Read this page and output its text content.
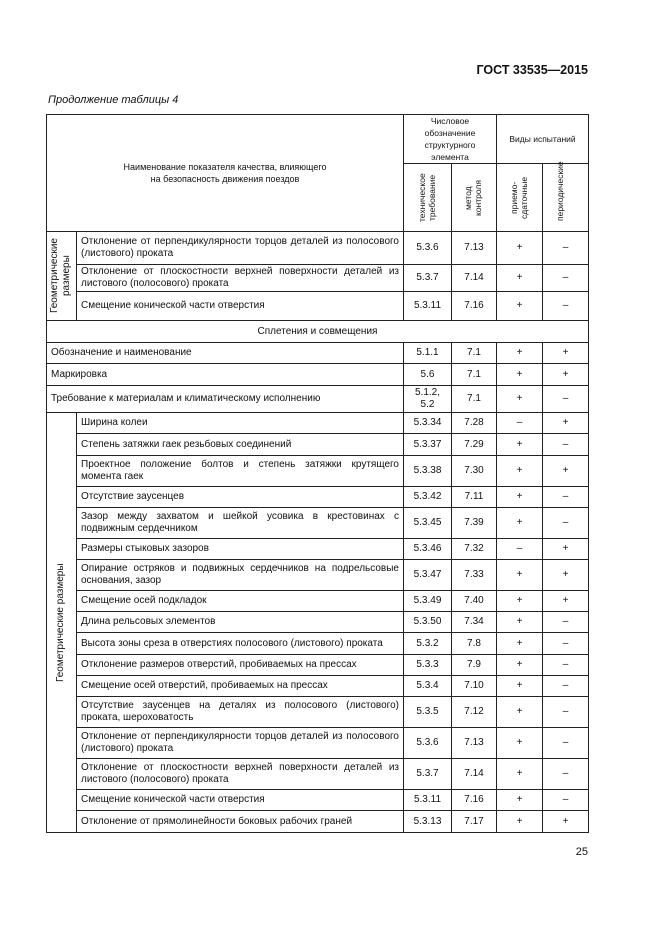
ГОСТ 33535—2015
Продолжение таблицы 4
Наименование показателя качества, влияющего на безопасность движения поездов		Числовое обозначение структурного элемента		Виды испытаний	

		техническое требование	метод контроля	приемо-сдаточные	периодические

Геометрические размеры	Отклонение от перпендикулярности торцов деталей из полосового (листового) проката	5.3.6	7.13	+	–
	Отклонение от плоскостности верхней поверхности деталей из листового (полосового) проката	5.3.7	7.14	+	–
	Смещение конической части отверстия	5.3.11	7.16	+	–
Сплетения и совмещения					
Обозначение и наименование		5.1.1	7.1	+	+
Маркировка		5.6	7.1	+	+
Требование к материалам и климатическому исполнению		5.1.2, 5.2	7.1	+	–

Геометрические размеры	Ширина колеи	5.3.34	7.28	–	+
	Степень затяжки гаек резьбовых соединений	5.3.37	7.29	+	–
	Проектное положение болтов и степень затяжки крутящего момента гаек	5.3.38	7.30	+	+
	Отсутствие заусенцев	5.3.42	7.11	+	–
	Зазор между захватом и шейкой усовика в крестовинах с подвижным сердечником	5.3.45	7.39	+	–
	Размеры стыковых зазоров	5.3.46	7.32	–	+
	Опирание остряков и подвижных сердечников на подрельсовые основания, зазор	5.3.47	7.33	+	+
	Смещение осей подкладок	5.3.49	7.40	+	+
	Длина рельсовых элементов	5.3.50	7.34	+	–
	Высота зоны среза в отверстиях полосового (листового) проката	5.3.2	7.8	+	–
	Отклонение размеров отверстий, пробиваемых на прессах	5.3.3	7.9	+	–
	Смещение осей отверстий, пробиваемых на прессах	5.3.4	7.10	+	–
	Отсутствие заусенцев на деталях из полосового (листового) проката, шероховатость	5.3.5	7.12	+	–
	Отклонение от перпендикулярности торцов деталей из полосового (листового) проката	5.3.6	7.13	+	–
	Отклонение от плоскостности верхней поверхности деталей из листового (полосового) проката	5.3.7	7.14	+	–
	Смещение конической части отверстия	5.3.11	7.16	+	–
	Отклонение от прямолинейности боковых рабочих граней	5.3.13	7.17	+	+
25
